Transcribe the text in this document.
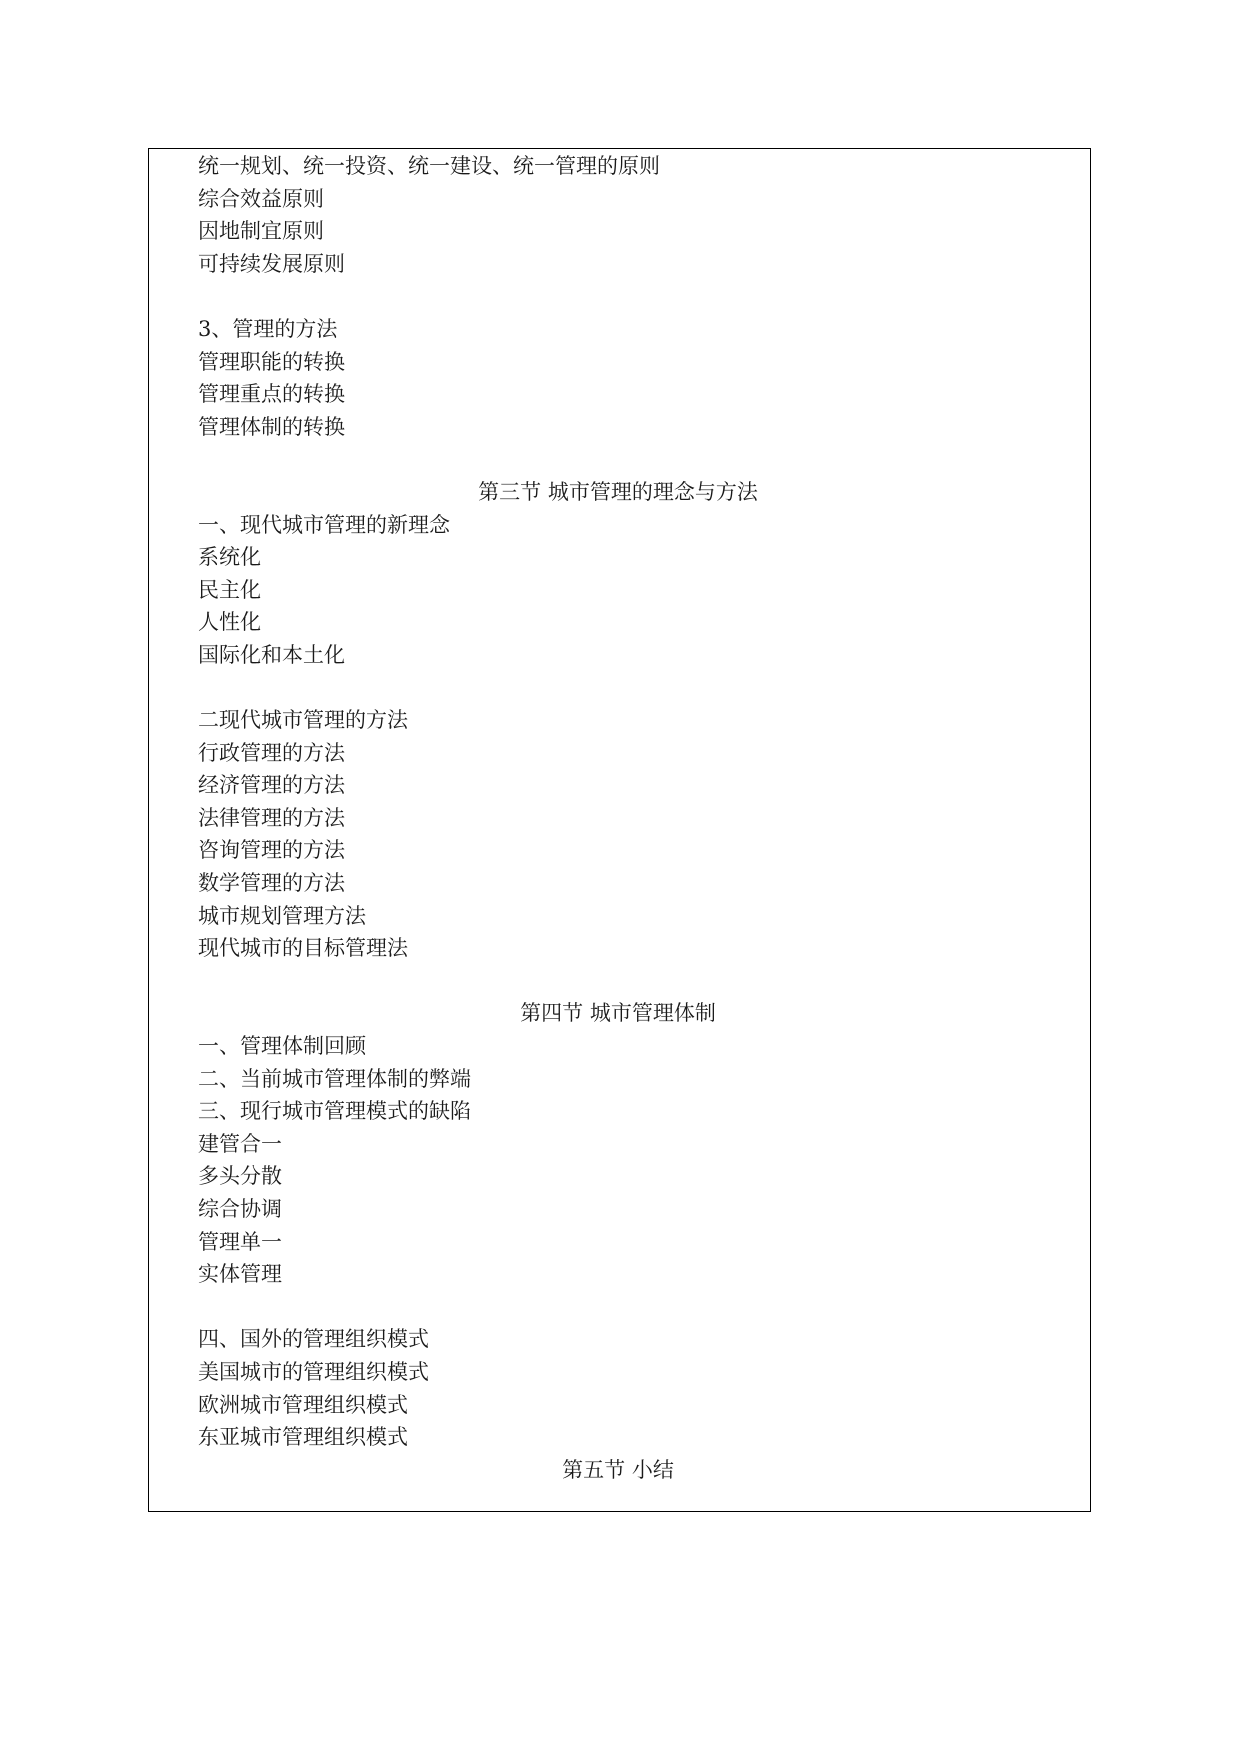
统一规划、统一投资、统一建设、统一管理的原则
综合效益原则
因地制宜原则
可持续发展原则
3、管理的方法
管理职能的转换
管理重点的转换
管理体制的转换
第三节 城市管理的理念与方法
一、现代城市管理的新理念
系统化
民主化
人性化
国际化和本土化
二现代城市管理的方法
行政管理的方法
经济管理的方法
法律管理的方法
咨询管理的方法
数学管理的方法
城市规划管理方法
现代城市的目标管理法
第四节 城市管理体制
一、管理体制回顾
二、当前城市管理体制的弊端
三、现行城市管理模式的缺陷
建管合一
多头分散
综合协调
管理单一
实体管理
四、国外的管理组织模式
美国城市的管理组织模式
欧洲城市管理组织模式
东亚城市管理组织模式
第五节 小结
